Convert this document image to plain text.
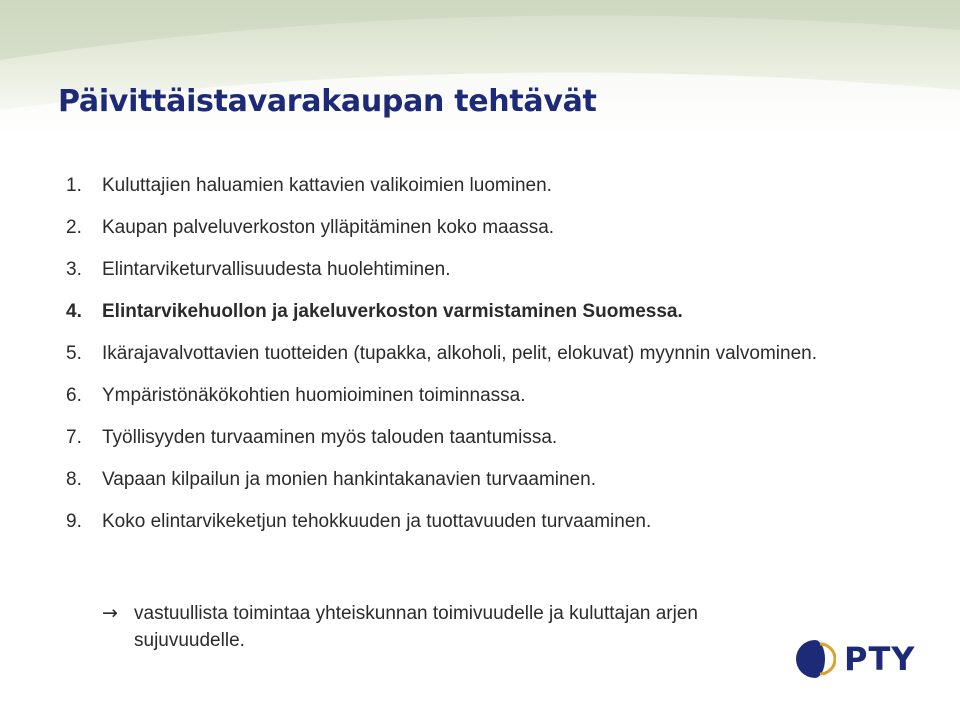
Päivittäistavarakaupan tehtävät
1.	Kuluttajien haluamien kattavien valikoimien luominen.
2.	Kaupan palveluverkoston ylläpitäminen koko maassa.
3.	Elintarviketurvallisuudesta huolehtiminen.
4.	Elintarvikehuollon ja jakeluverkoston varmistaminen Suomessa.
5.	Ikärajavalvottavien tuotteiden (tupakka, alkoholi, pelit, elokuvat) myynnin valvominen.
6.	Ympäristönäkökohtien huomioiminen toiminnassa.
7.	Työllisyyden turvaaminen myös talouden taantumissa.
8.	Vapaan kilpailun ja monien hankintakanavien turvaaminen.
9.	Koko elintarvikeketjun tehokkuuden ja tuottavuuden turvaaminen.
→ vastuullista toimintaa yhteiskunnan toimivuudelle ja kuluttajan arjen sujuvuudelle.	PTY
